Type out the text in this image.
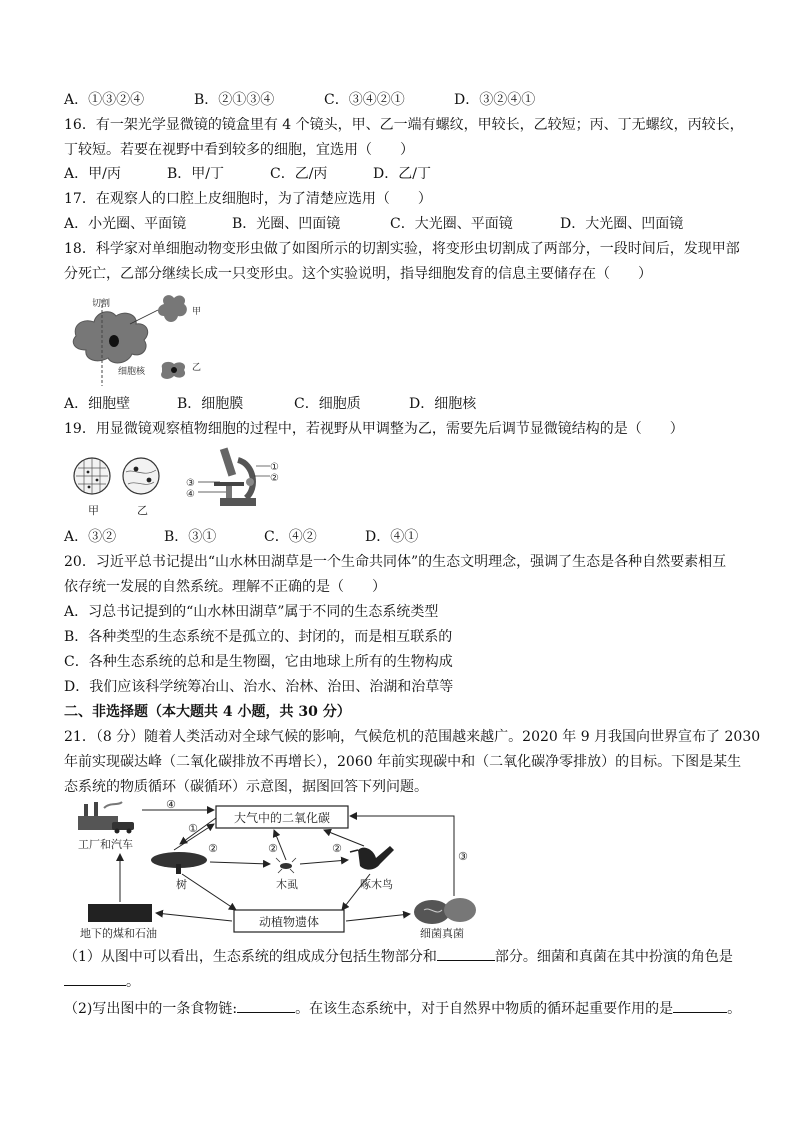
A．①③②④	B．②①③④	C．③④②①	D．③②④①
16．有一架光学显微镜的镜盒里有 4 个镜头，甲、乙一端有螺纹，甲较长，乙较短；丙、丁无螺纹，丙较长，
丁较短。若要在视野中看到较多的细胞，宜选用（　　）
A．甲/丙	B．甲/丁	C．乙/丙	D．乙/丁
17．在观察人的口腔上皮细胞时，为了清楚应选用（　　）
A．小光圈、平面镜	B．光圈、凹面镜	C．大光圈、平面镜	D．大光圈、凹面镜
18．科学家对单细胞动物变形虫做了如图所示的切割实验，将变形虫切割成了两部分，一段时间后，发现甲部
分死亡，乙部分继续长成一只变形虫。这个实验说明，指导细胞发育的信息主要储存在（　　）
切割
甲
乙
细胞核
A．细胞壁	B．细胞膜	C．细胞质	D．细胞核
19．用显微镜观察植物细胞的过程中，若视野从甲调整为乙，需要先后调节显微镜结构的是（　　）
甲	乙
③
④
①
②
A．③②	B．③①	C．④②	D．④①
20．习近平总书记提出“山水林田湖草是一个生命共同体”的生态文明理念，强调了生态是各种自然要素相互
依存统一发展的自然系统。理解不正确的是（　　）
A．习总书记提到的“山水林田湖草”属于不同的生态系统类型
B．各种类型的生态系统不是孤立的、封闭的，而是相互联系的
C．各种生态系统的总和是生物圈，它由地球上所有的生物构成
D．我们应该科学统筹冶山、治水、治林、治田、治湖和治草等
二、非选择题（本大题共 4 小题，共 30 分）
21．（8 分）随着人类活动对全球气候的影响，气候危机的范围越来越广。2020 年 9 月我国向世界宣布了 2030
年前实现碳达峰（二氧化碳排放不再增长），2060 年前实现碳中和（二氧化碳净零排放）的目标。下图是某生
态系统的物质循环（碳循环）示意图，据图回答下列问题。
大气中的二氧化碳
动植物遗体
工厂和汽车
树	木虱	啄木鸟
地下的煤和石油	细菌真菌
④
①
②	②	②
③
（1）从图中可以看出，生态系统的组成成分包括生物部分和	部分。细菌和真菌在其中扮演的角色是
。
（2)写出图中的一条食物链:	。在该生态系统中，对于自然界中物质的循环起重要作用的是	。
